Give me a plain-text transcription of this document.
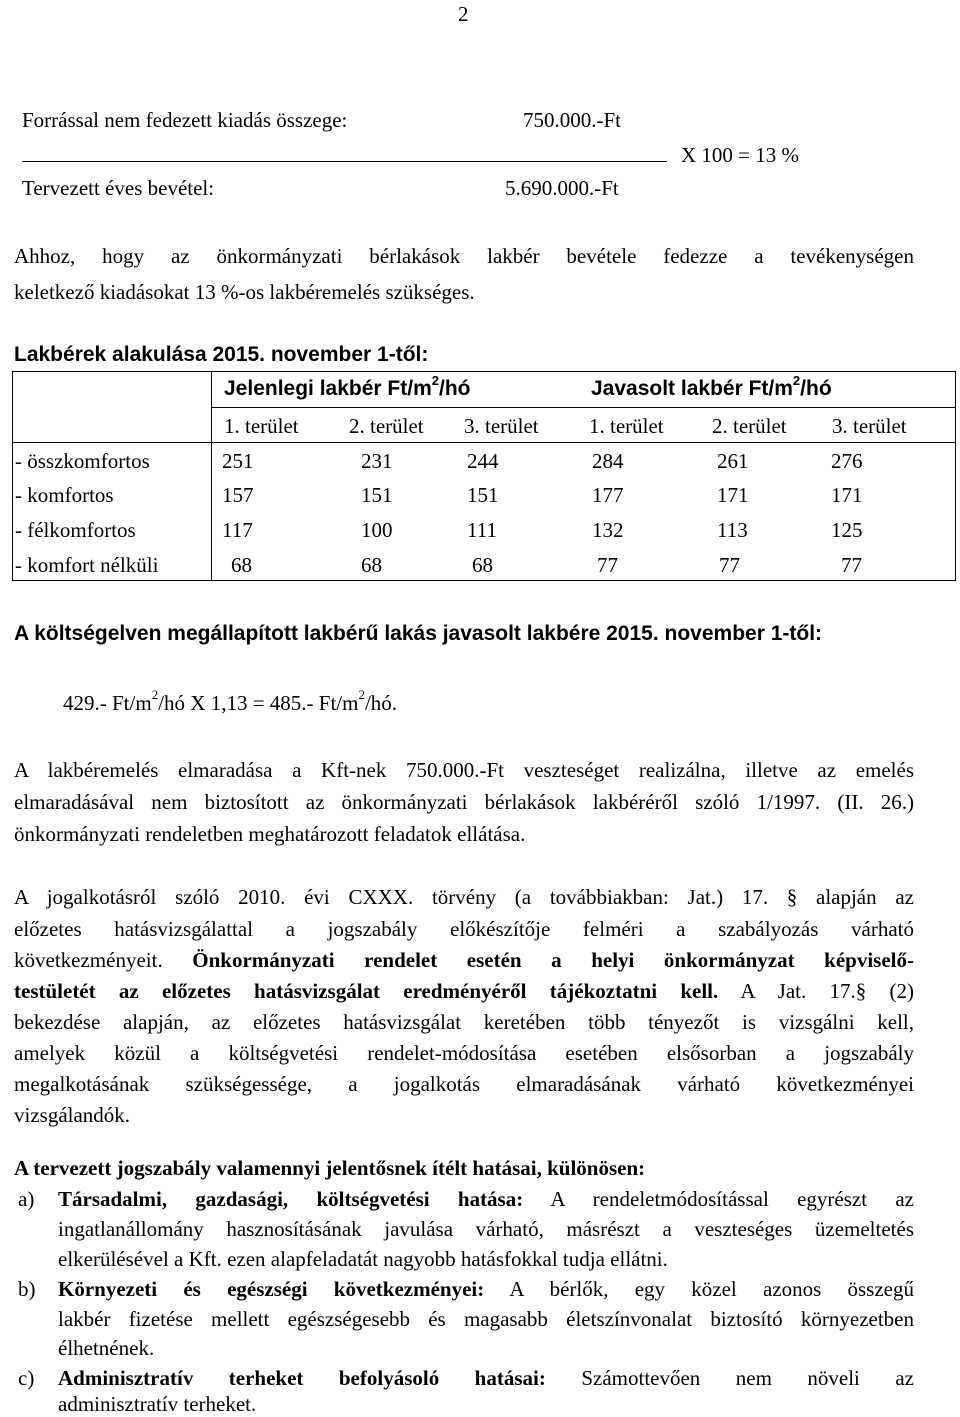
2
Forrással nem fedezett kiadás összege:	750.000.-Ft
X 100 = 13 %
Tervezett éves bevétel:	5.690.000.-Ft
Ahhoz, hogy az önkormányzati bérlakások lakbér bevétele fedezze a tevékenységen
keletkező kiadásokat 13 %-os lakbéremelés szükséges.
Lakbérek alakulása 2015. november 1-től:
Jelenlegi lakbér $Ft/m^2/hó$	Javasolt lakbér $Ft/m^2/hó$
1. terület 2. terület 3. terület 1. terület 2. terület 3. terület
- összkomfortos	251	231	244	284	261	276
- komfortos	157	151	151	177	171	171
- félkomfortos	117	100	111	132	113	125
- komfort nélküli	68	68	68	77	77	77
A költségelven megállapított lakbérű lakás javasolt lakbére 2015. november 1-től:
429.- $Ft/m^2/hó$ X 1,13 = 485.- $Ft/m^2/hó$.
A lakbéremelés elmaradása a Kft-nek 750.000.-Ft veszteséget realizálna, illetve az emelés
elmaradásával nem biztosított az önkormányzati bérlakások lakbéréről szóló 1/1997. (II. 26.)
önkormányzati rendeletben meghatározott feladatok ellátása.
A jogalkotásról szóló 2010. évi CXXX. törvény (a továbbiakban: Jat.) 17. § alapján az
előzetes hatásvizsgálattal a jogszabály előkészítője felméri a szabályozás várható
következményeit. Önkormányzati rendelet esetén a helyi önkormányzat képviselő-
testületét az előzetes hatásvizsgálat eredményéről tájékoztatni kell. A Jat. 17.§ (2)
bekezdése alapján, az előzetes hatásvizsgálat keretében több tényezőt is vizsgálni kell,
amelyek közül a költségvetési rendelet-módosítása esetében elsősorban a jogszabály
megalkotásának szükségessége, a jogalkotás elmaradásának várható következményei
vizsgálandók.
A tervezett jogszabály valamennyi jelentősnek ítélt hatásai, különösen:
a) Társadalmi, gazdasági, költségvetési hatása: A rendeletmódosítással egyrészt az
ingatlanállomány hasznosításának javulása várható, másrészt a veszteséges üzemeltetés
elkerülésével a Kft. ezen alapfeladatát nagyobb hatásfokkal tudja ellátni.
b) Környezeti és egészségi következményei: A bérlők, egy közel azonos összegű
lakbér fizetése mellett egészségesebb és magasabb életszínvonalat biztosító környezetben
élhetnének.
c) Adminisztratív terheket befolyásoló hatásai: Számottevően nem növeli az
adminisztratív terheket.
